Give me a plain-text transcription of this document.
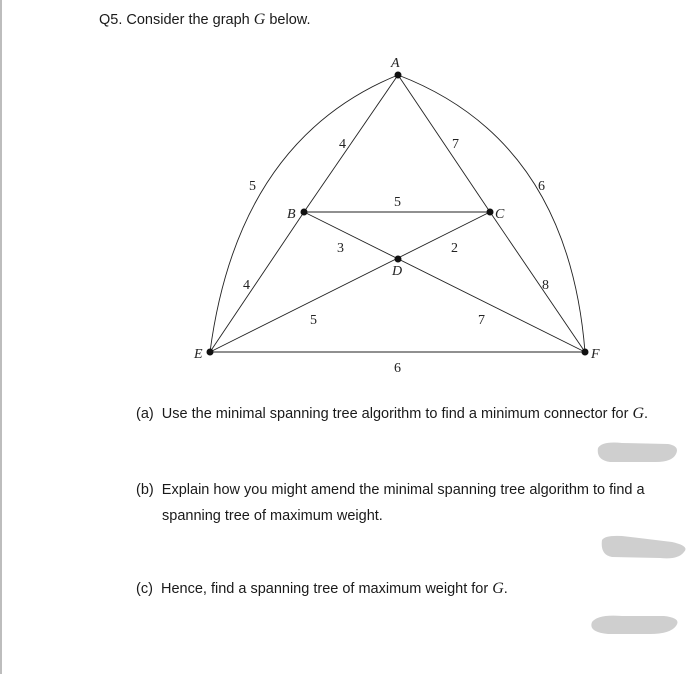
Q5. Consider the graph G below.
A
B	C
D
E	F
4	7
5	6
5
3	2
4	8
5	7
6
(a) Use the minimal spanning tree algorithm to find a minimum connector for G.
(b) Explain how you might amend the minimal spanning tree algorithm to find a
spanning tree of maximum weight.
(c) Hence, find a spanning tree of maximum weight for G.
